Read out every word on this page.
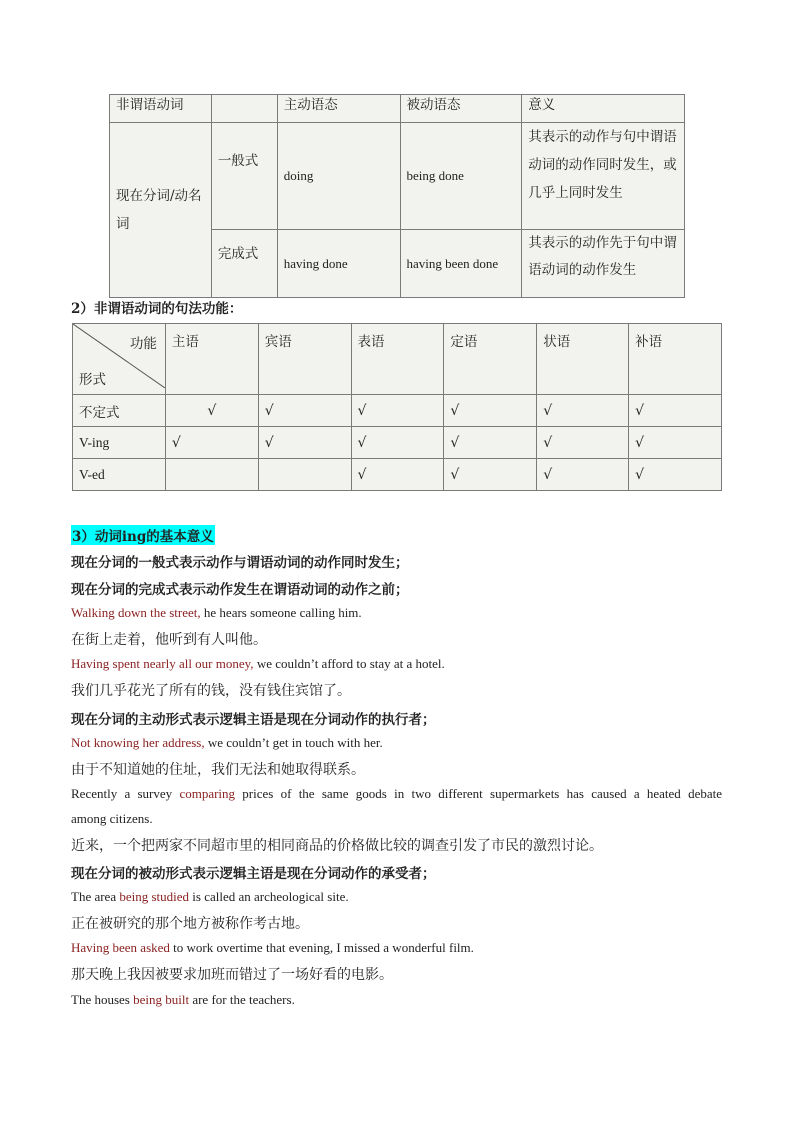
非谓语动词		主动语态	被动语态	意义
现在分词/动名词	一般式	doing	being done	其表示的动作与句中谓语动词的动作同时发生，或几乎上同时发生
	完成式	having done	having been done	其表示的动作先于句中谓语动词的动作发生
2）非谓语动词的句法功能：
功能
形式	主语	宾语	表语	定语	状语	补语
不定式	√	√	√	√	√	√
V-ing	√	√	√	√	√	√
V-ed			√	√	√	√
3）动词ing的基本意义
现在分词的一般式表示动作与谓语动词的动作同时发生；
现在分词的完成式表示动作发生在谓语动词的动作之前；
Walking down the street, he hears someone calling him.
在街上走着，他听到有人叫他。
Having spent nearly all our money, we couldn’t afford to stay at a hotel.
我们几乎花光了所有的钱，没有钱住宾馆了。
现在分词的主动形式表示逻辑主语是现在分词动作的执行者；
Not knowing her address, we couldn’t get in touch with her.
由于不知道她的住址，我们无法和她取得联系。
Recently a survey comparing prices of the same goods in two different supermarkets has caused a heated debate
among citizens.
近来，一个把两家不同超市里的相同商品的价格做比较的调查引发了市民的激烈讨论。
现在分词的被动形式表示逻辑主语是现在分词动作的承受者；
The area being studied is called an archeological site.
正在被研究的那个地方被称作考古地。
Having been asked to work overtime that evening, I missed a wonderful film.
那天晚上我因被要求加班而错过了一场好看的电影。
The houses being built are for the teachers.
